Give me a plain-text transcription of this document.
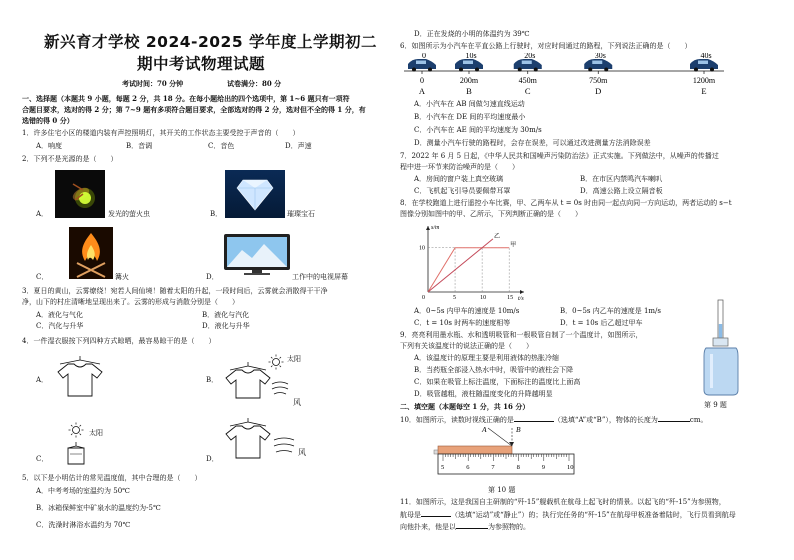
新兴育才学校 2024-2025 学年度上学期初二
期中考试物理试题
考试时间：70 分钟	试卷满分：80 分
一、选择题（本题共 9 小题，每题 2 分，共 18 分。在每小题给出的四个选项中，第 1~6 题只有一项符
合题目要求，选对的得 2 分；第 7~9 题有多项符合题目要求，全部选对的得 2 分，选对但不全的得 1 分，有
选错的得 0 分）
1．许多住宅小区的楼道内装有声控照明灯，其开关的工作状态主要受控于声音的（　　）
A．响度	B．音调	C．音色	D．声速
2．下列不是光源的是（　　）
A．	发光的萤火虫	B．	璀璨宝石
C．	篝火	D．	工作中的电视屏幕
3．夏日的黄山，云雾缭绕！宛若人间仙境！随着太阳的升起，一段时间后，云雾就会消散得干干净
净，山下的村庄清晰地呈现出来了。云雾的形成与消散分别是（　　）
A．液化与气化	B．液化与汽化
C．汽化与升华	D．液化与升华
4．一件湿衣服按下列四种方式晾晒，最容易晾干的是（　　）
A．	B．
太阳
风
C．
太阳
D．
风
5．以下是小明估计的常见温度值，其中合理的是（　　）
A．中考考场的室温约为 50℃
B．冰箱保鲜室中矿泉水的温度约为-5℃
C．洗澡时淋浴水温约为 70℃
D．正在发烧的小明的体温约为 39℃
6．如图所示为小汽车在平直公路上行驶时，对应时间通过的路程，下列说法正确的是（　　）
0
0
A
10s
200m
B
20s
450m
C
30s
750m
D
40s
1200m
E
A．小汽车在 AB 间做匀速直线运动
B．小汽车在 DE 间的平均速度最小
C．小汽车在 AE 间的平均速度为 30m/s
D．测量小汽车行驶的路程时，会存在误差，可以通过改进测量方法消除误差
7．2022 年 6 月 5 日起，《中华人民共和国噪声污染防治法》正式实施。下列做法中，从噪声的传播过
程中进一环节来防治噪声的是（　　）
A．房间的窗户装上真空玻璃	B．在市区内禁鸣汽车喇叭
C．飞机起飞引导员要佩带耳罩	D．高速公路上设立隔音板
8．在学校跑道上进行遥控小车比赛，甲、乙两车从 t = 0s 时由同一起点向同一方向运动，两者运动的 s−t
图像分别如图中的甲、乙所示，下列判断正确的是（　　）
s/m
t/s
0	5	10	15
10	甲
乙
A．0~5s 内甲车的速度是 10m/s	B．0~5s 内乙车的速度是 1m/s
C．t = 10s 时两车的速度相等	D．t = 10s 后乙超过甲车
第 9 题
9．亮亮利用墨水瓶、水和透明吸管和一根吸管自制了一个温度计，如图所示，
下列有关该温度计的说法正确的是（　　）
A．该温度计的原理主要是利用液体的热胀冷缩
B．当药瓶全部浸入热水中时，吸管中的液柱会下降
C．如果在吸管上标注温度，下面标注的温度比上面高
D．吸管越粗，液柱随温度变化的升降越明显
二、填空题（本题每空 1 分，共 16 分）
10．如图所示，读数时视线正确的是	（选填“A”或“B”），物体的长度为	cm。
5	6	7	8	9	10
A	B
第 10 题
11．如图所示，这是我国自主研制的“歼-15”舰载机在航母上起飞时的情景。以起飞的“歼-15”为参照物，
航母是	（选填“运动”或“静止”）的；执行完任务的“歼-15”在航母甲板准备着陆时，飞行员看到航母
向他扑来，他是以	为参照物的。
